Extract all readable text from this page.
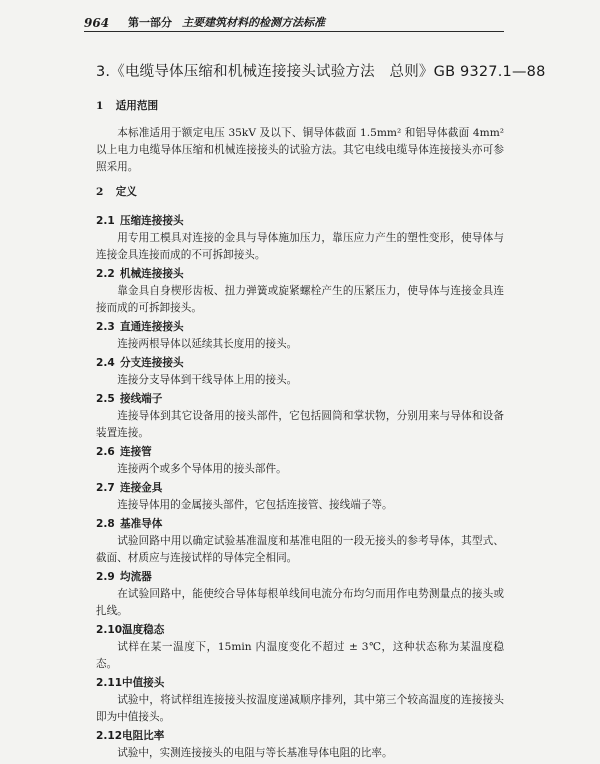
964	第一部分 主要建筑材料的检测方法标准
3.《电缆导体压缩和机械连接接头试验方法　总则》GB 9327.1—88

1 适用范围

本标准适用于额定电压 35kV 及以下、铜导体截面 1.5mm² 和铝导体截面 4mm² 以上电力电缆导体压缩和机械连接接头的试验方法。其它电线电缆导体连接接头亦可参照采用。

2 定义

2.1 压缩连接接头

用专用工模具对连接的金具与导体施加压力，靠压应力产生的塑性变形，使导体与连接金具连接而成的不可拆卸接头。

2.2 机械连接接头

靠金具自身楔形齿板、扭力弹簧或旋紧螺栓产生的压紧压力，使导体与连接金具连接而成的可拆卸接头。

2.3 直通连接接头

连接两根导体以延续其长度用的接头。

2.4 分支连接接头

连接分支导体到干线导体上用的接头。

2.5 接线端子

连接导体到其它设备用的接头部件，它包括圆筒和掌状物，分别用来与导体和设备装置连接。

2.6 连接管

连接两个或多个导体用的接头部件。

2.7 连接金具

连接导体用的金属接头部件，它包括连接管、接线端子等。

2.8 基准导体

试验回路中用以确定试验基准温度和基准电阻的一段无接头的参考导体，其型式、截面、材质应与连接试样的导体完全相同。

2.9 均流器

在试验回路中，能使绞合导体每根单线间电流分布均匀而用作电势测量点的接头或扎线。

2.10温度稳态

试样在某一温度下，15min 内温度变化不超过 ± 3℃，这种状态称为某温度稳态。

2.11中值接头

试验中，将试样组连接接头按温度递减顺序排列，其中第三个较高温度的连接接头即为中值接头。

2.12电阻比率

试验中，实测连接接头的电阻与等长基准导体电阻的比率。
